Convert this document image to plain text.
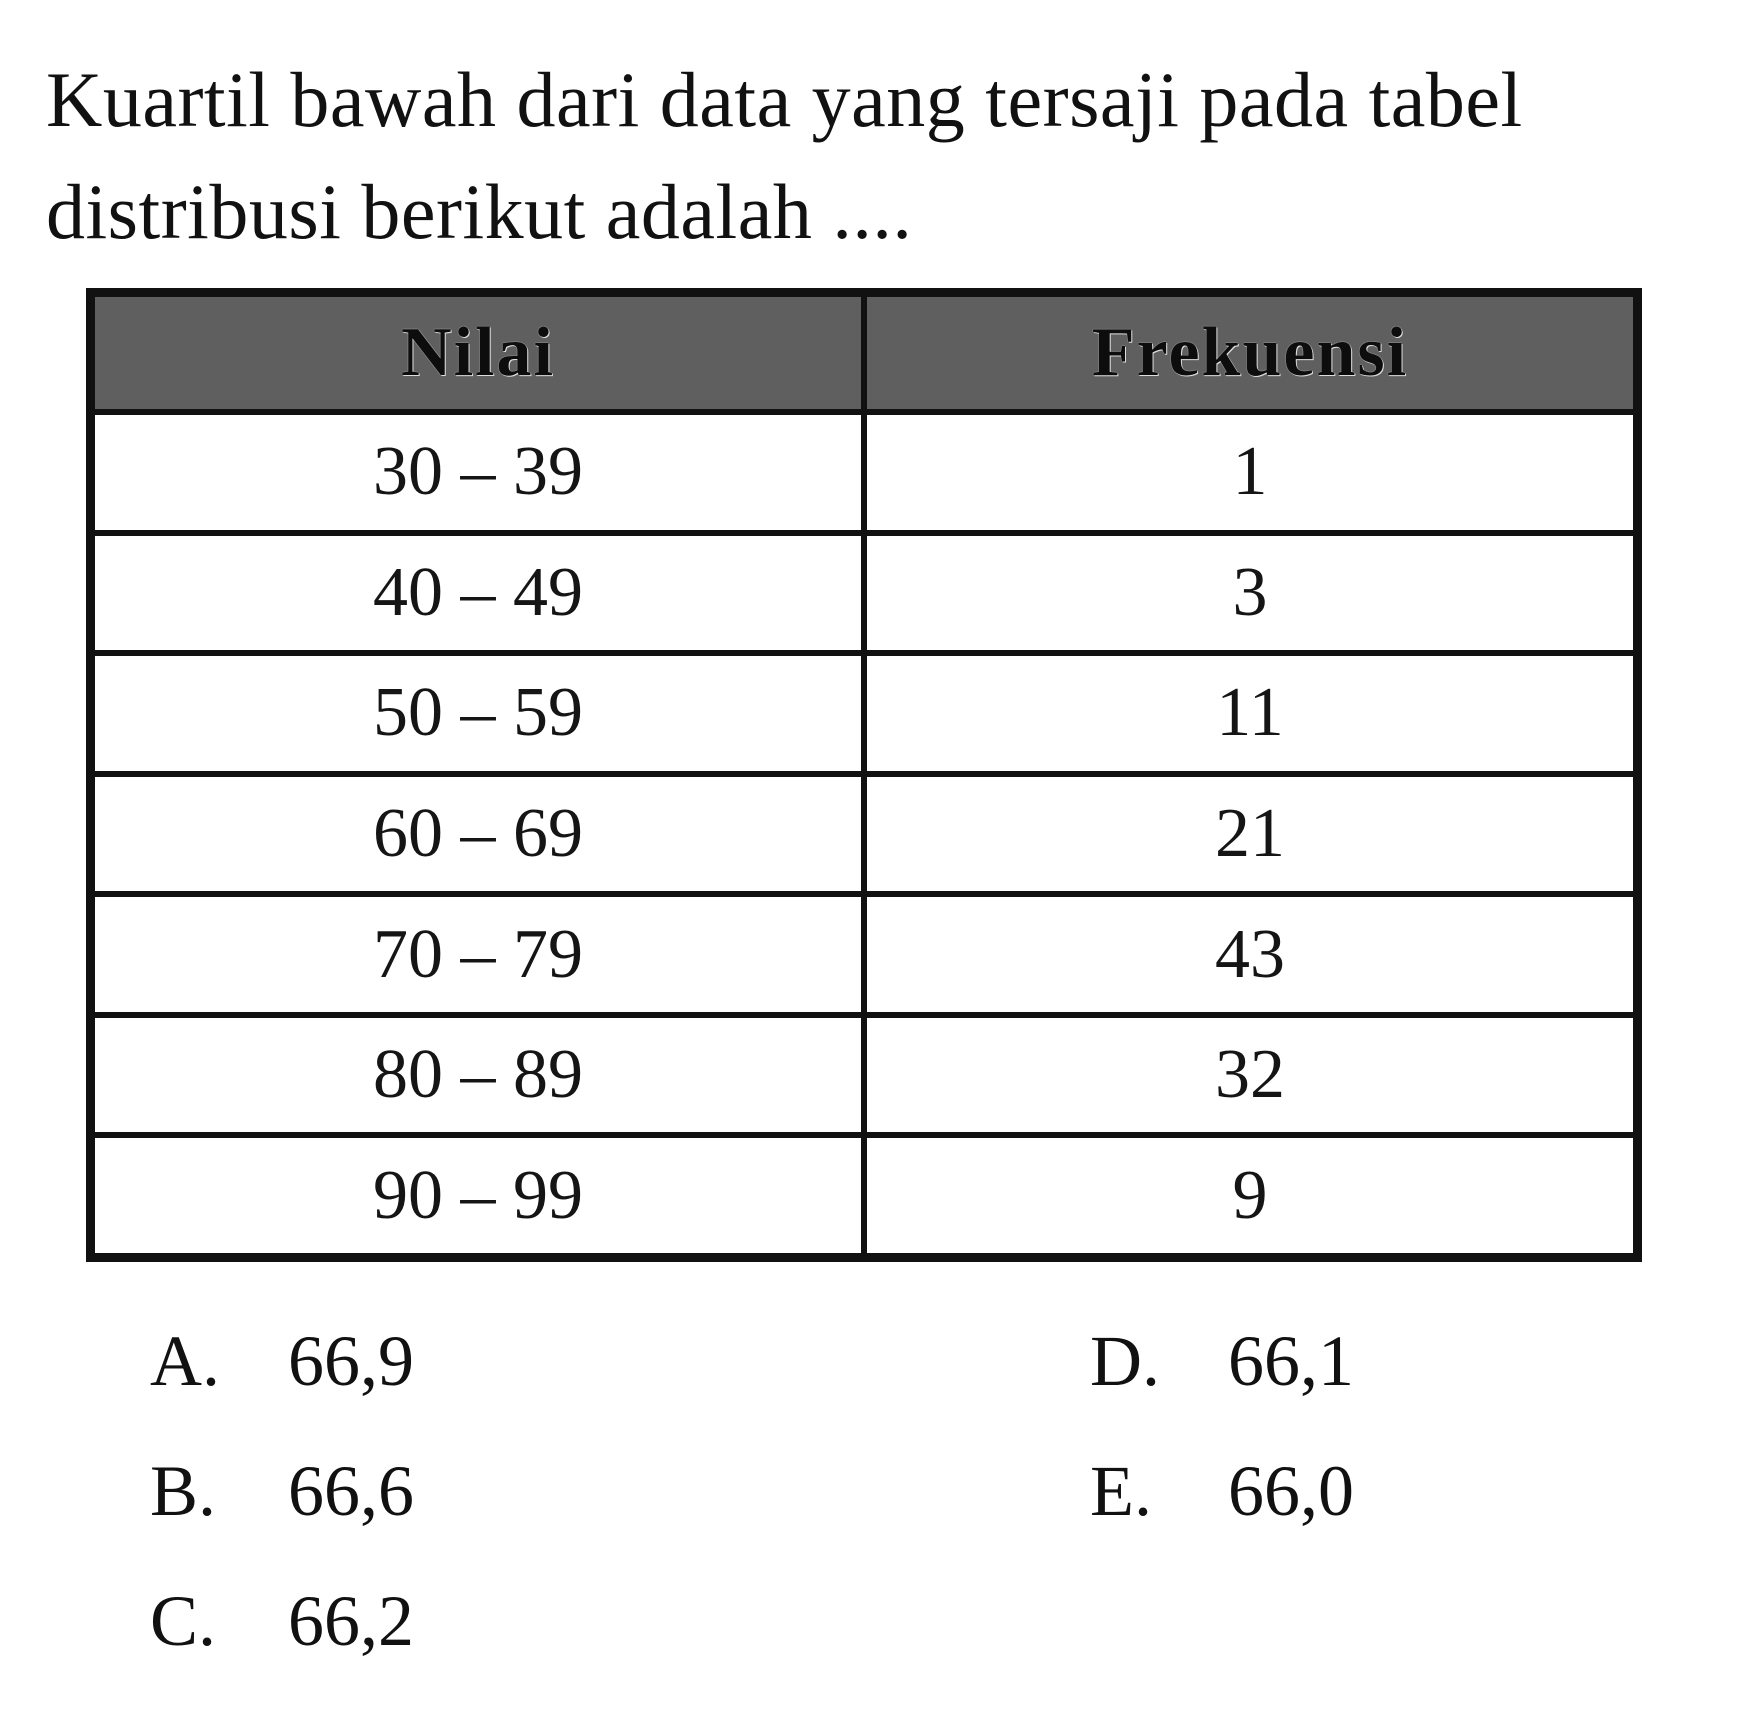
Kuartil bawah dari data yang tersaji pada tabel distribusi berikut adalah ....

Nilai	Frekuensi
30 – 39	1
40 – 49	3
50 – 59	11
60 – 69	21
70 – 79	43
80 – 89	32
90 – 99	9
A. 66,9
B. 66,6
C. 66,2
D. 66,1
E. 66,0
